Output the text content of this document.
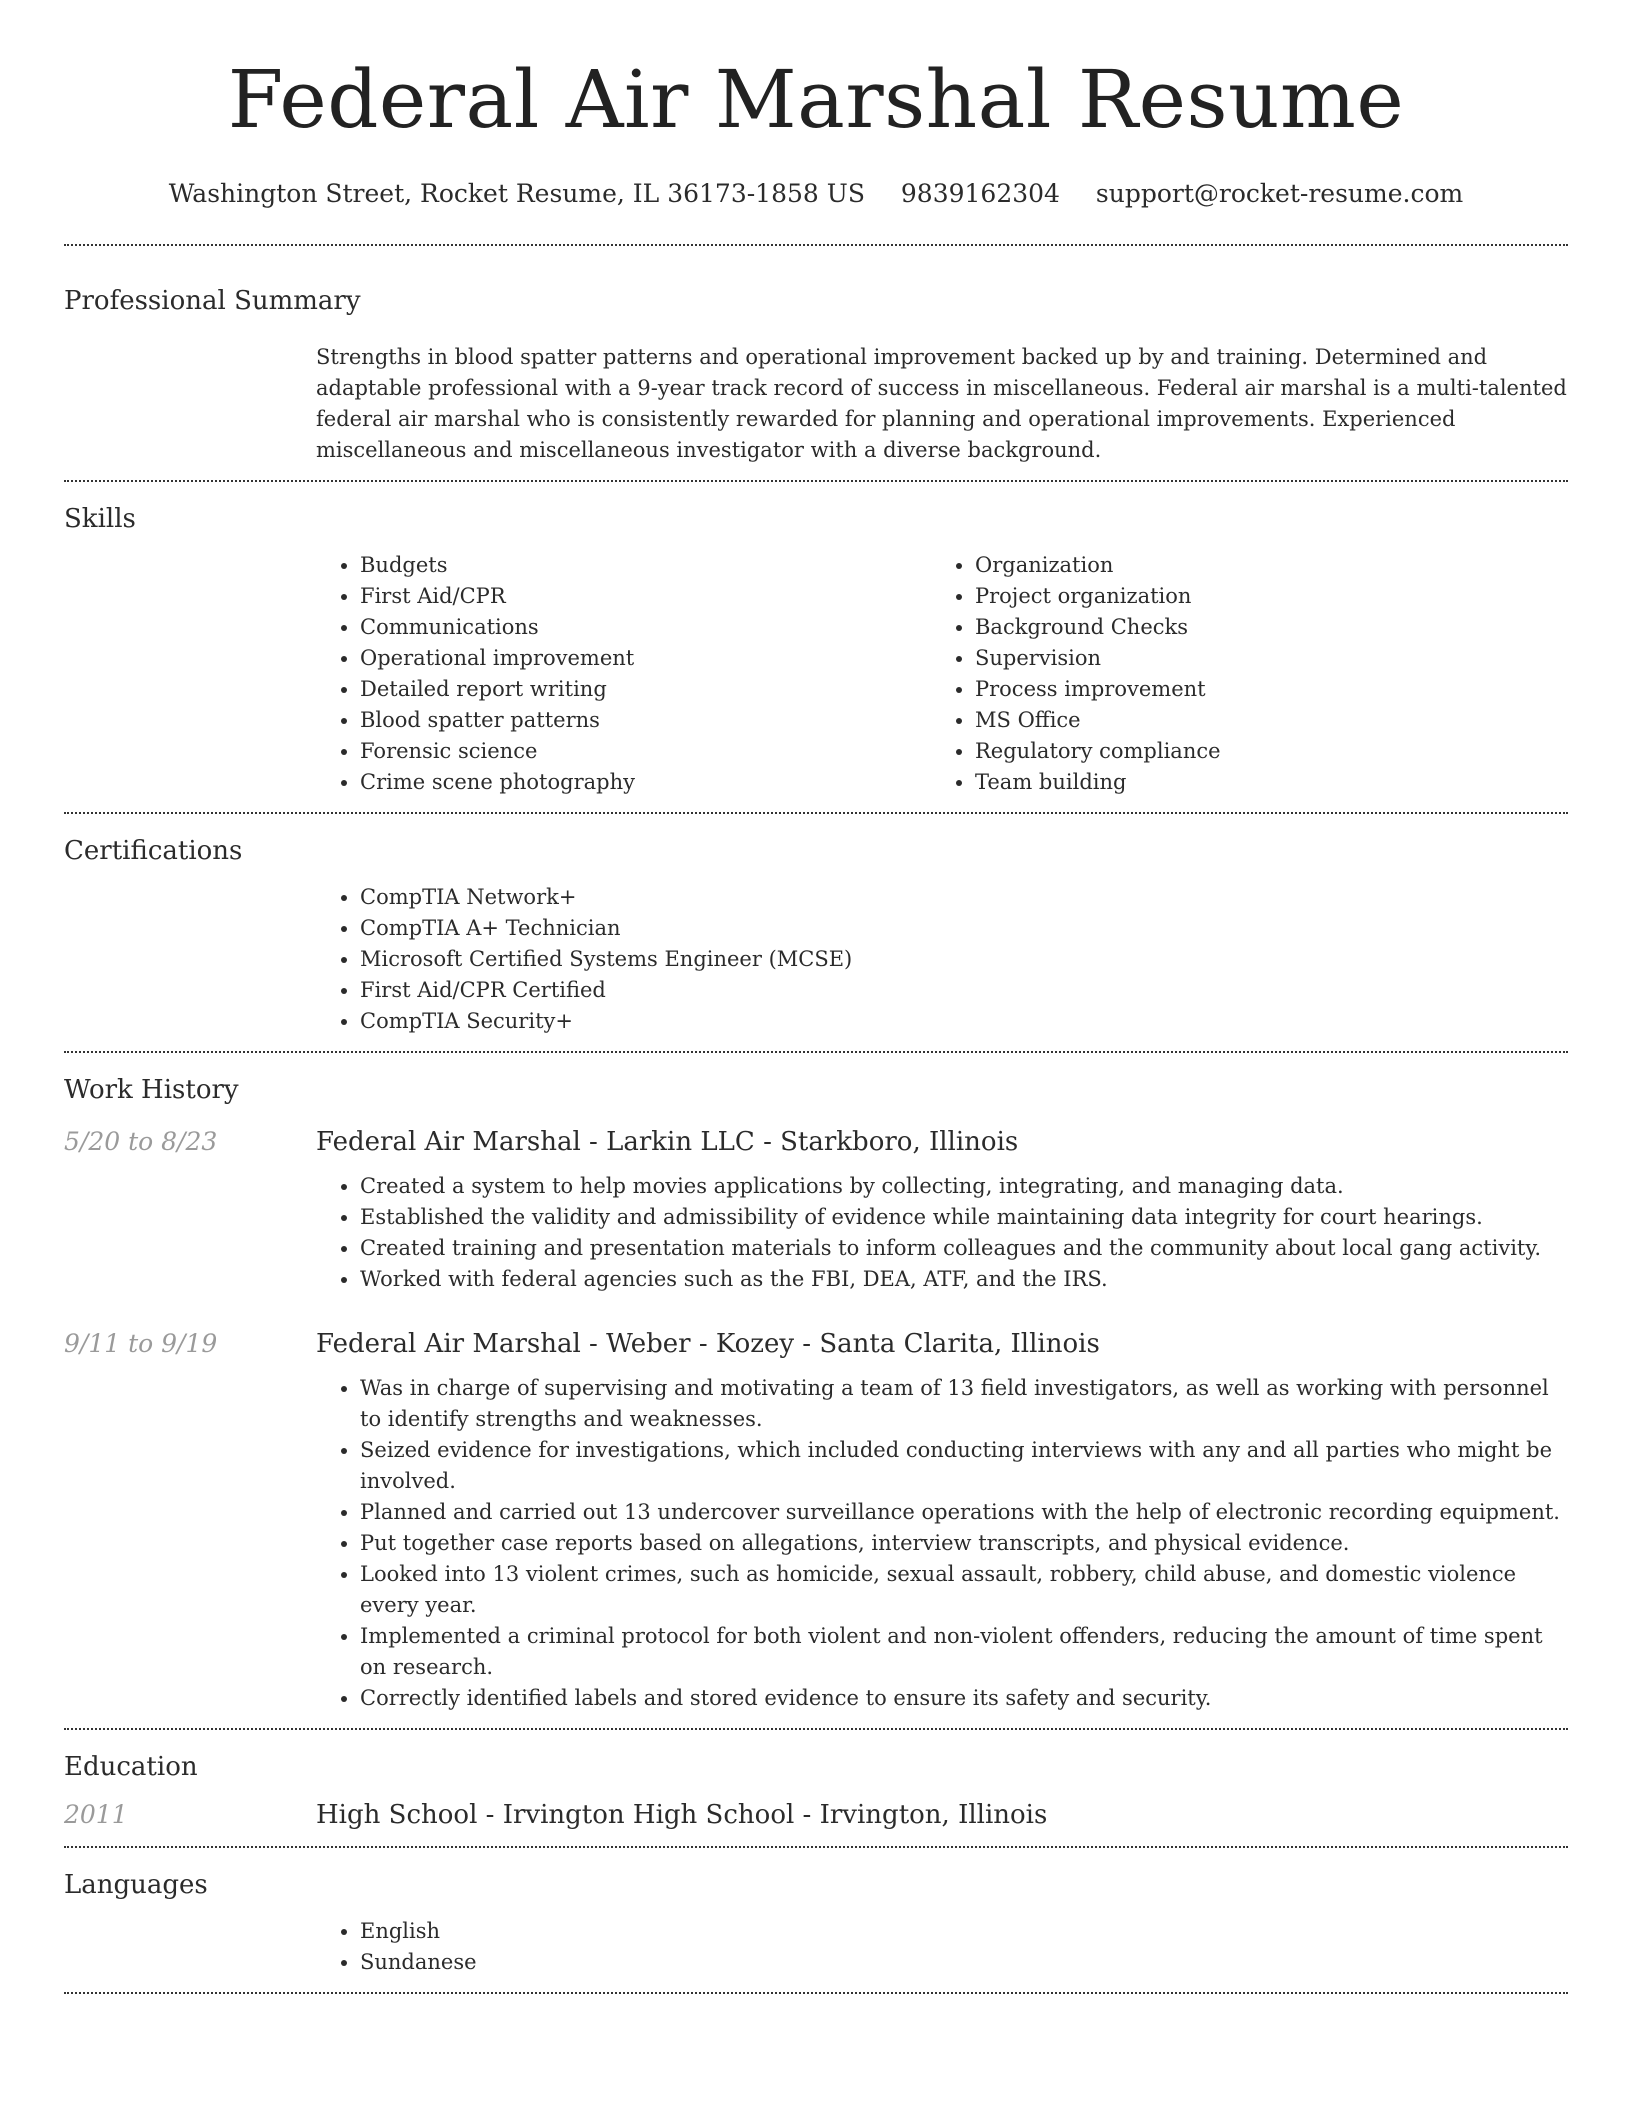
Federal Air Marshal Resume
Washington Street, Rocket Resume, IL 36173-1858 US 9839162304 support@rocket-resume.com
Professional Summary

Strengths in blood spatter patterns and operational improvement backed up by and training. Determined and adaptable professional with a 9-year track record of success in miscellaneous. Federal air marshal is a multi-talented federal air marshal who is consistently rewarded for planning and operational improvements. Experienced miscellaneous and miscellaneous investigator with a diverse background.

Skills
• Budgets
• First Aid/CPR
• Communications
• Operational improvement
• Detailed report writing
• Blood spatter patterns
• Forensic science
• Crime scene photography
• Organization
• Project organization
• Background Checks
• Supervision
• Process improvement
• MS Office
• Regulatory compliance
• Team building
Certifications
• CompTIA Network+
• CompTIA A+ Technician
• Microsoft Certified Systems Engineer (MCSE)
• First Aid/CPR Certified
• CompTIA Security+
Work History
5/20 to 8/23	Federal Air Marshal - Larkin LLC - Starkboro, Illinois
• Created a system to help movies applications by collecting, integrating, and managing data.
• Established the validity and admissibility of evidence while maintaining data integrity for court hearings.
• Created training and presentation materials to inform colleagues and the community about local gang activity.
• Worked with federal agencies such as the FBI, DEA, ATF, and the IRS.
9/11 to 9/19	Federal Air Marshal - Weber - Kozey - Santa Clarita, Illinois
• Was in charge of supervising and motivating a team of 13 field investigators, as well as working with personnel to identify strengths and weaknesses.
• Seized evidence for investigations, which included conducting interviews with any and all parties who might be involved.
• Planned and carried out 13 undercover surveillance operations with the help of electronic recording equipment.
• Put together case reports based on allegations, interview transcripts, and physical evidence.
• Looked into 13 violent crimes, such as homicide, sexual assault, robbery, child abuse, and domestic violence every year.
• Implemented a criminal protocol for both violent and non-violent offenders, reducing the amount of time spent on research.
• Correctly identified labels and stored evidence to ensure its safety and security.
Education
2011	High School - Irvington High School - Irvington, Illinois
Languages
• English
• Sundanese
